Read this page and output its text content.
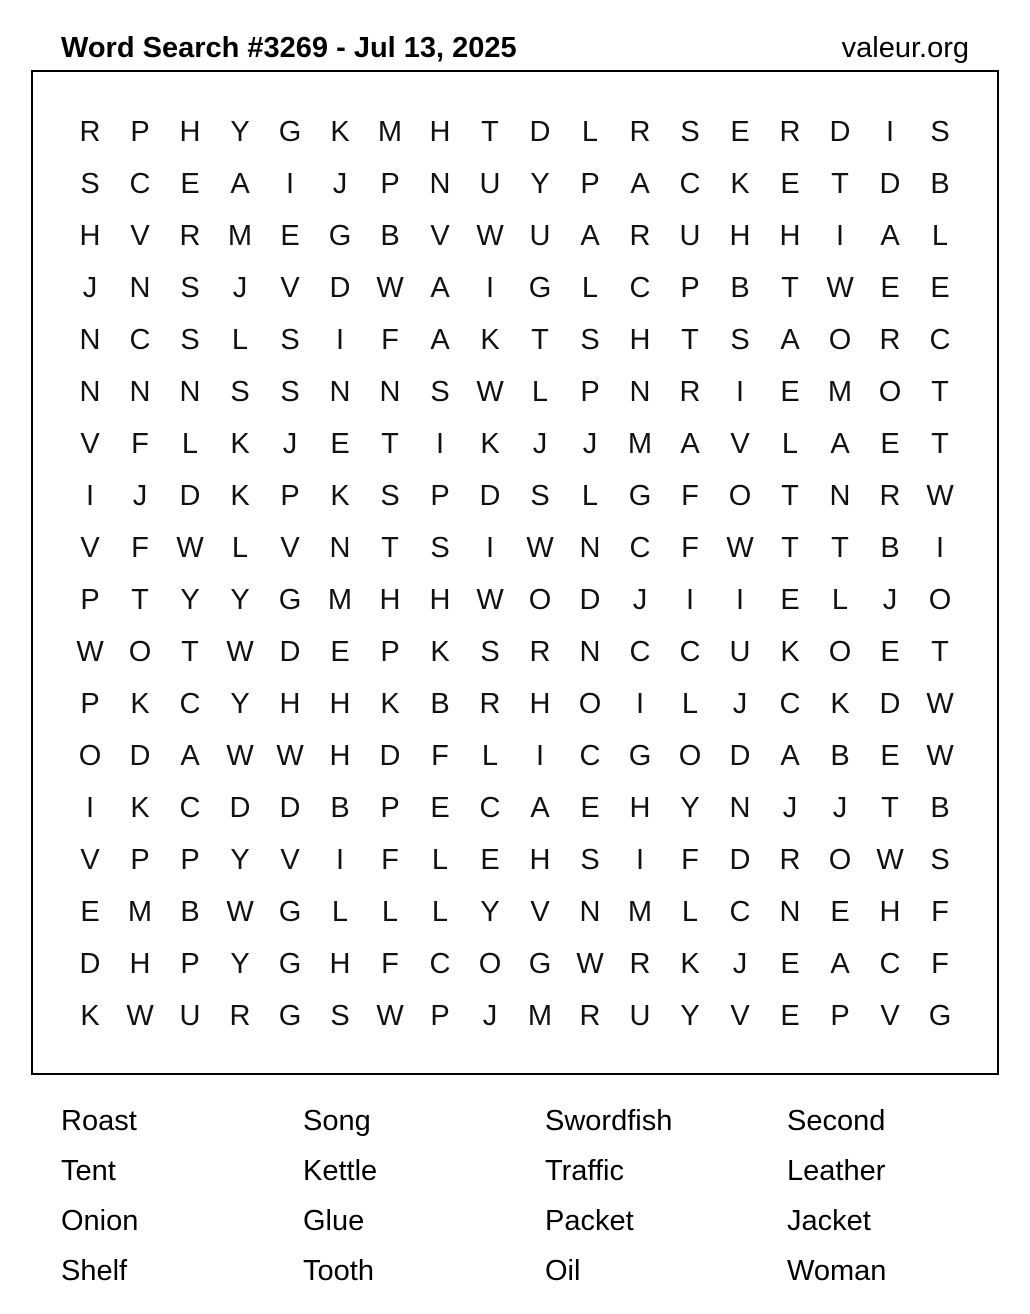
Word Search #3269 - Jul 13, 2025	valeur.org
R	P	H	Y	G	K M H	T	D	L	R	S	E	R	D	I	S
S	C	E	A	I	J	P	N	U	Y	P	A	C	K	E	T	D	B
H	V	R M E	G	B	V W U	A	R	U	H	H	I	A	L
J	N	S	J	V	D W A	I	G	L	C	P	B	T W E	E
N	C	S	L	S	I	F	A	K	T	S	H	T	S	A	O R	C
N	N	N	S	S	N	N	S W L	P	N	R	I	E M O	T
V	F	L	K	J	E	T	I	K	J	J	M A	V	L	A	E	T
I	J	D	K	P	K	S	P	D	S	L	G	F	O	T	N	R W
V	F W L	V	N	T	S	I	W N	C	F W T	T	B	I
P	T	Y	Y	G M H	H W O D	J	I	I	E	L	J	O
W O	T W D	E	P	K	S	R	N	C	C	U	K	O	E	T
P	K	C	Y	H	H	K	B	R	H O	I	L	J	C	K	D W
O D	A W W H	D	F	L	I	C G O D	A	B	E W
I	K	C	D	D	B	P	E	C	A	E	H	Y	N	J	J	T	B
V	P	P	Y	V	I	F	L	E	H	S	I	F	D	R O W S
E M B W G	L	L	L	Y	V	N M	L	C	N	E	H	F
D	H	P	Y	G H	F	C O G W R	K	J	E	A	C	F
K W U	R G	S W P	J	M R	U	Y	V	E	P	V	G
Roast	Song	Swordfish	Second
Tent	Kettle	Traffic	Leather
Onion	Glue	Packet	Jacket
Shelf	Tooth	Oil	Woman
